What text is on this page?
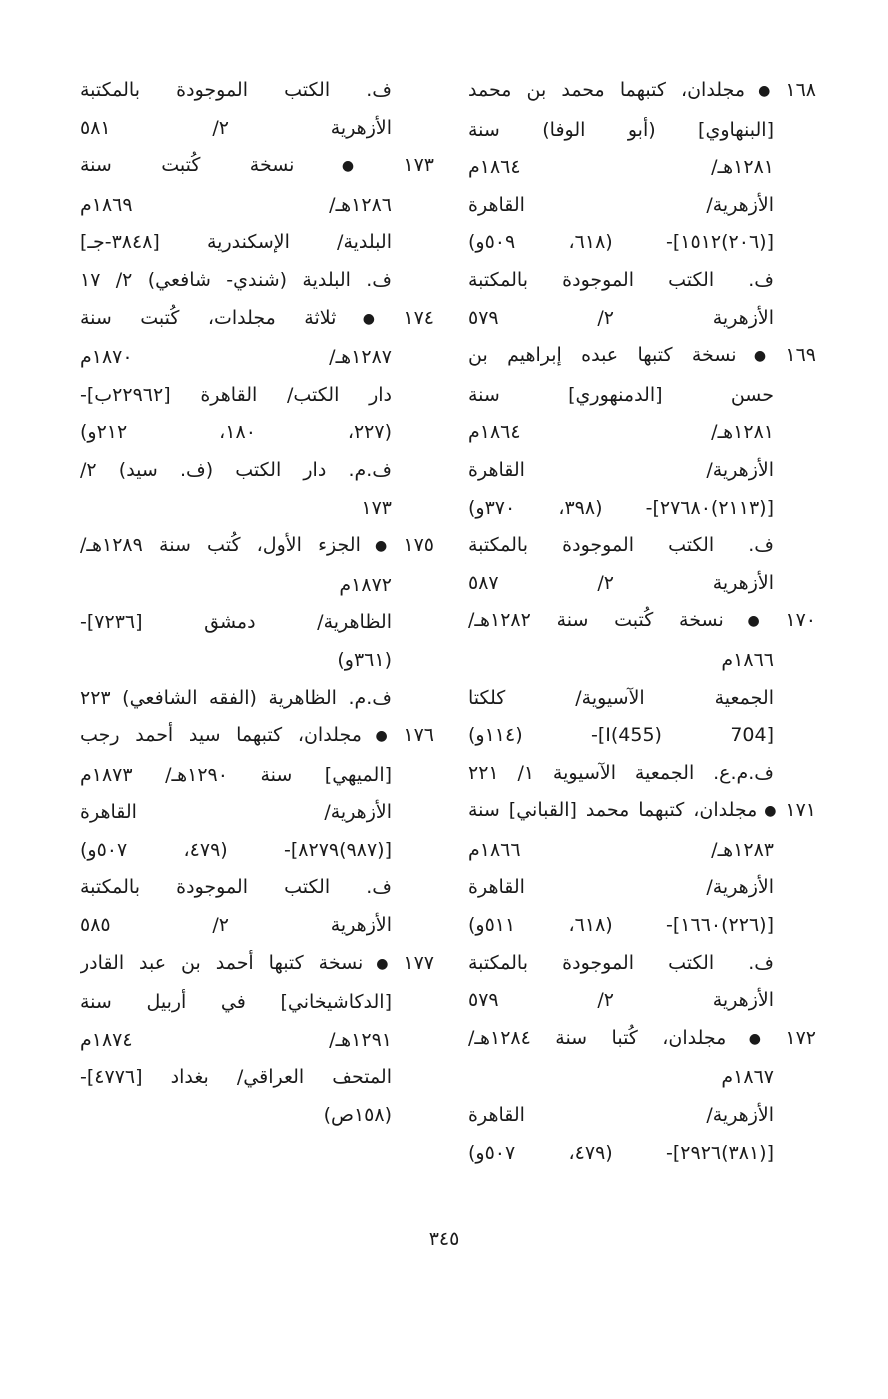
١٦٨●مجلدان، كتبهما محمد بن محمد
[البنهاوي] (أبو الوفا) سنة
١٢٨١هـ/ ١٨٦٤م
الأزهرية/ القاهرة
[(٢٠٦)١٥١٢]- (٦١٨، ٥٠٩و)
ف. الكتب الموجودة بالمكتبة
الأزهرية ٢/ ٥٧٩
١٦٩●نسخة كتبها عبده إبراهيم بن
حسن [الدمنهوري] سنة
١٢٨١هـ/ ١٨٦٤م
الأزهرية/ القاهرة
[(٢١١٣)٢٧٦٨٠]- (٣٩٨، ٣٧٠و)
ف. الكتب الموجودة بالمكتبة
الأزهرية ٢/ ٥٨٧
١٧٠●نسخة كُتبت سنة ١٢٨٢هـ/
١٨٦٦م
الجمعية الآسيوية/ كلكتا
[704 I(455)]- (١١٤و)
ف.م.ع. الجمعية الآسيوية ١/ ٢٢١
١٧١●مجلدان، كتبهما محمد [القباني] سنة
١٢٨٣هـ/ ١٨٦٦م
الأزهرية/ القاهرة
[(٢٢٦)١٦٦٠]- (٦١٨، ٥١١و)
ف. الكتب الموجودة بالمكتبة
الأزهرية ٢/ ٥٧٩
١٧٢●مجلدان، كُتبا سنة ١٢٨٤هـ/
١٨٦٧م
الأزهرية/ القاهرة
[(٣٨١)٢٩٢٦]- (٤٧٩، ٥٠٧و)
ف. الكتب الموجودة بالمكتبة
الأزهرية ٢/ ٥٨١
١٧٣●نسخة كُتبت سنة
١٢٨٦هـ/ ١٨٦٩م
البلدية/ الإسكندرية [٣٨٤٨-جـ]
ف. البلدية (شندي- شافعي) ٢/ ١٧
١٧٤●ثلاثة مجلدات، كُتبت سنة
١٢٨٧هـ/ ١٨٧٠م
دار الكتب/ القاهرة [٢٢٩٦٢ب]-
(٢٢٧، ١٨٠، ٢١٢و)
ف.م. دار الكتب (ف. سيد) ٢/
١٧٣
١٧٥●الجزء الأول، كُتب سنة ١٢٨٩هـ/
١٨٧٢م
الظاهرية/ دمشق [٧٢٣٦]-
(٣٦١و)
ف.م. الظاهرية (الفقه الشافعي) ٢٢٣
١٧٦●مجلدان، كتبهما سيد أحمد رجب
[الميهي] سنة ١٢٩٠هـ/ ١٨٧٣م
الأزهرية/ القاهرة
[(٩٨٧)٨٢٧٩]- (٤٧٩، ٥٠٧و)
ف. الكتب الموجودة بالمكتبة
الأزهرية ٢/ ٥٨٥
١٧٧●نسخة كتبها أحمد بن عبد القادر
[الدكاشيخاني] في أربيل سنة
١٢٩١هـ/ ١٨٧٤م
المتحف العراقي/ بغداد [٤٧٧٦]-
(١٥٨ص)
٣٤٥
